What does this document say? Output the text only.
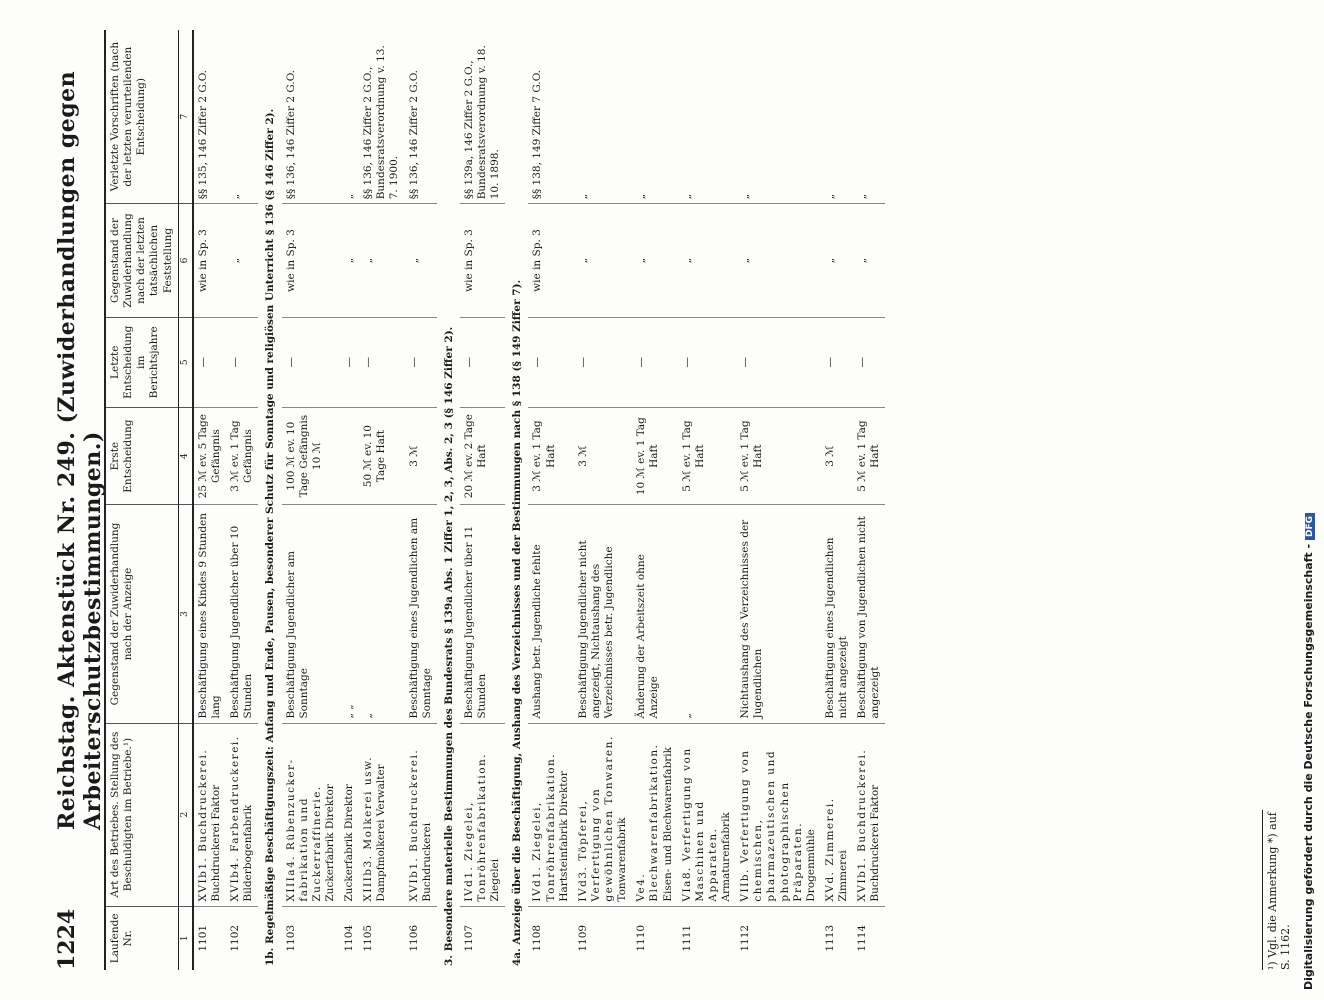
1224
Reichstag. Aktenstück Nr. 249. (Zuwiderhandlungen gegen Arbeiterschutzbestimmungen.)
Laufende Nr.	Art des Betriebes. Stellung des Beschuldigten im Betriebe.¹)	Gegenstand der Zuwiderhandlung nach der Anzeige	Erste Entscheidung	Letzte Entscheidung im Berichtsjahre	Gegenstand der Zuwiderhandlung nach der letzten tatsächlichen Feststellung	Verletzte Vorschriften (nach der letzten verurteilenden Entscheidung)
1	2	3	4	5	6	7
1101	XVIb1. Buchdruckerei. Buchdruckerei Faktor	Beschäftigung eines Kindes 9 Stunden lang	25 ℳ ev. 5 Tage Gefängnis	—	wie in Sp. 3	§§ 135, 146 Ziffer 2 G.O.
1102	XVIb4. Farbendruckerei. Bilderbogenfabrik	Beschäftigung Jugendlicher über 10 Stunden	3 ℳ ev. 1 Tag Gefängnis	—	„	„
1b. Regelmäßige Beschäftigungszeit: Anfang und Ende, Pausen, besonderer Schutz für Sonntage und religiösen Unterricht § 136 (§ 146 Ziffer 2).						
1103	XIIIa4. Rübenzucker- fabrikation und Zuckerraffinerie. Zuckerfabrik Direktor	Beschäftigung Jugendlicher am Sonntage	100 ℳ ev. 10 Tage Gefängnis 10 ℳ	—	wie in Sp. 3	§§ 136, 146 Ziffer 2 G.O.
1104	Zuckerfabrik Direktor	„ „		—	„	„
1105	XIIIb3. Molkerei usw. Dampfmolkerei Verwalter	„	50 ℳ ev. 10 Tage Haft	—	„	§§ 136, 146 Ziffer 2 G.O., Bundesratsverordnung v. 13. 7. 1900.
1106	XVIb1. Buchdruckerei. Buchdruckerei	Beschäftigung eines Jugendlichen am Sonntage	3 ℳ	—	„	§§ 136, 146 Ziffer 2 G.O.
3. Besondere materielle Bestimmungen des Bundesrats § 139a Abs. 1 Ziffer 1, 2, 3, Abs. 2, 3 (§ 146 Ziffer 2).						
1107	IVd1. Ziegelei, Tonröhrenfabrikation. Ziegelei	Beschäftigung Jugendlicher über 11 Stunden	20 ℳ ev. 2 Tage Haft	—	wie in Sp. 3	§§ 139a, 146 Ziffer 2 G.O., Bundesratsverordnung v. 18. 10. 1898.
4a. Anzeige über die Beschäftigung, Aushang des Verzeichnisses und der Bestimmungen nach § 138 (§ 149 Ziffer 7).						
1108	IVd1. Ziegelei, Tonröhrenfabrikation. Hartsteinfabrik Direktor	Aushang betr. Jugendliche fehlte	3 ℳ ev. 1 Tag Haft	—	wie in Sp. 3	§§ 138, 149 Ziffer 7 G.O.
1109	IVd3. Töpferei, Verfertigung von gewöhnlichen Tonwaren. Tonwarenfabrik	Beschäftigung Jugendlicher nicht angezeigt, Nichtaushang des Verzeichnisses betr. Jugendliche	3 ℳ	—	„	„
1110	Ve4. Blechwarenfabrikation. Eisen- und Blechwarenfabrik	Änderung der Arbeitszeit ohne Anzeige	10 ℳ ev. 1 Tag Haft	—	„	„
1111	VIa8. Verfertigung von Maschinen und Apparaten. Armaturenfabrik	„	5 ℳ ev. 1 Tag Haft	—	„	„
1112	VIIb. Verfertigung von chemischen, pharmazeutischen und photographischen Präparaten. Drogenmühle	Nichtaushang des Verzeichnisses der Jugendlichen	5 ℳ ev. 1 Tag Haft	—	„	„
1113	XVd. Zimmerei. Zimmerei	Beschäftigung eines Jugendlichen nicht angezeigt	3 ℳ	—	„	„
1114	XVIb1. Buchdruckerei. Buchdruckerei Faktor	Beschäftigung von Jugendlichen nicht angezeigt	5 ℳ ev. 1 Tag Haft	—	„	„
¹) Vgl. die Anmerkung *) auf S. 1162. Digitalisierung gefördert durch die Deutsche Forschungsgemeinschaft -DFG
